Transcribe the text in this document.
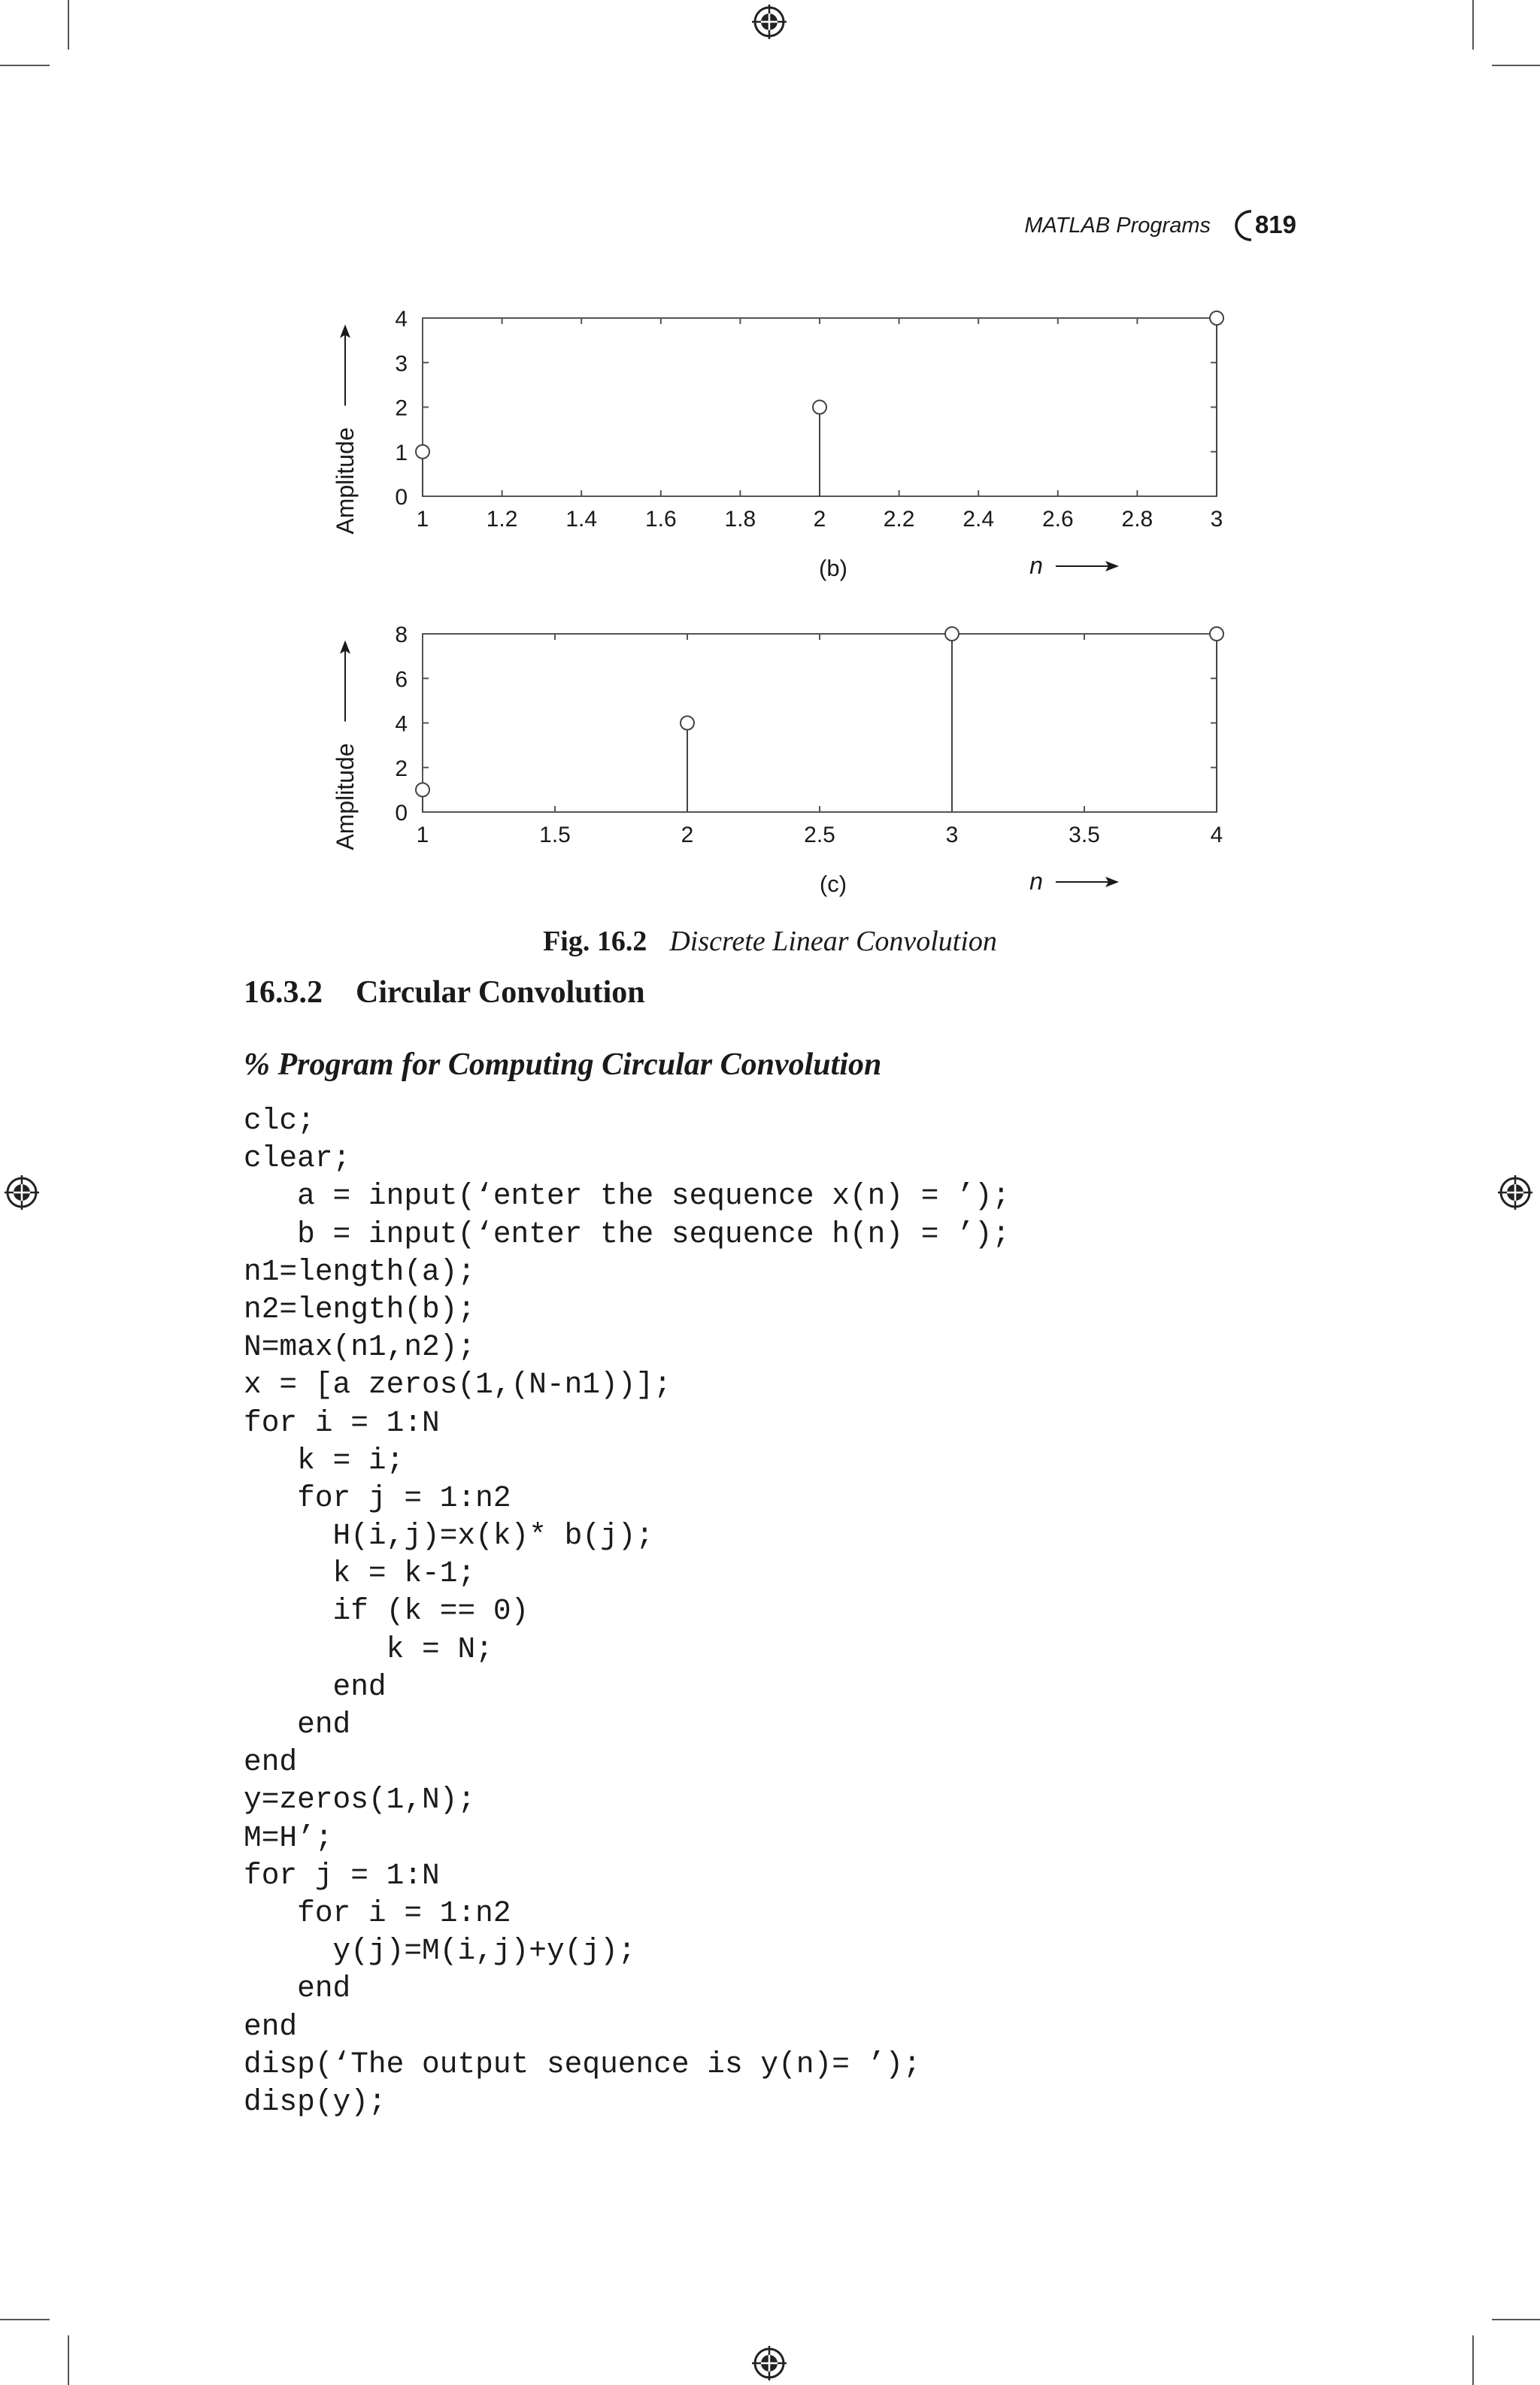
MATLAB Programs 819
1	1.2 1.4 1.6 1.8	2	2.2 2.4 2.6 2.8	3
0
1
2
3
4
Amplitude
(b)	n
1	1.5	2	2.5	3	3.5	4
0
2
4
6
8
Amplitude
(c)	n
Fig. 16.2 Discrete Linear Convolution
16.3.2 Circular Convolution
% Program for Computing Circular Convolution
clc;
clear;
a = input(‘enter the sequence x(n) = ’);
b = input(‘enter the sequence h(n) = ’);
n1=length(a);
n2=length(b);
N=max(n1,n2);
x = [a zeros(1,(N-n1))];
for i = 1:N
k = i;
for j = 1:n2
H(i,j)=x(k)* b(j);
k = k-1;
if (k == 0)
k = N;
end
end
end
y=zeros(1,N);
M=H’;
for j = 1:N
for i = 1:n2
y(j)=M(i,j)+y(j);
end
end
disp(‘The output sequence is y(n)= ’);
disp(y);
